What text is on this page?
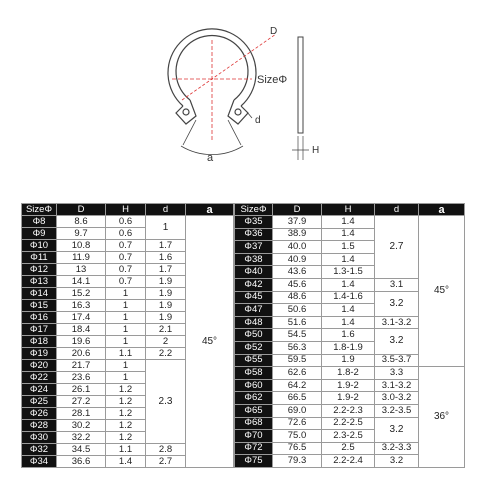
D
SizeΦ
d
a
H
SizeΦ	D	H	d	a
Φ8	8.6	0.6	1	45°
Φ9	9.7	0.6		
Φ10	10.8	0.7	1.7	
Φ11	11.9	0.7	1.6	
Φ12	13	0.7	1.7	
Φ13	14.1	0.7	1.9	
Φ14	15.2	1	1.9	
Φ15	16.3	1	1.9	
Φ16	17.4	1	1.9	
Φ17	18.4	1	2.1	
Φ18	19.6	1	2	
Φ19	20.6	1.1	2.2	
Φ20	21.7	1	2.3	
Φ22	23.6	1		
Φ24	26.1	1.2		
Φ25	27.2	1.2		
Φ26	28.1	1.2		
Φ28	30.2	1.2		
Φ30	32.2	1.2		
Φ32	34.5	1.1	2.8	
Φ34	36.6	1.4	2.7	
SizeΦ	D	H	d	a
Φ35	37.9	1.4	2.7	45°
Φ36	38.9	1.4		
Φ37	40.0	1.5		
Φ38	40.9	1.4		
Φ40	43.6	1.3-1.5		
Φ42	45.6	1.4	3.1	
Φ45	48.6	1.4-1.6	3.2	
Φ47	50.6	1.4		
Φ48	51.6	1.4	3.1-3.2	
Φ50	54.5	1.6	3.2	
Φ52	56.3	1.8-1.9		
Φ55	59.5	1.9	3.5-3.7	
Φ58	62.6	1.8-2	3.3	36°
Φ60	64.2	1.9-2	3.1-3.2	
Φ62	66.5	1.9-2	3.0-3.2	
Φ65	69.0	2.2-2.3	3.2-3.5	
Φ68	72.6	2.2-2.5	3.2	
Φ70	75.0	2.3-2.5		
Φ72	76.5	2.5	3.2-3.3	
Φ75	79.3	2.2-2.4	3.2	
